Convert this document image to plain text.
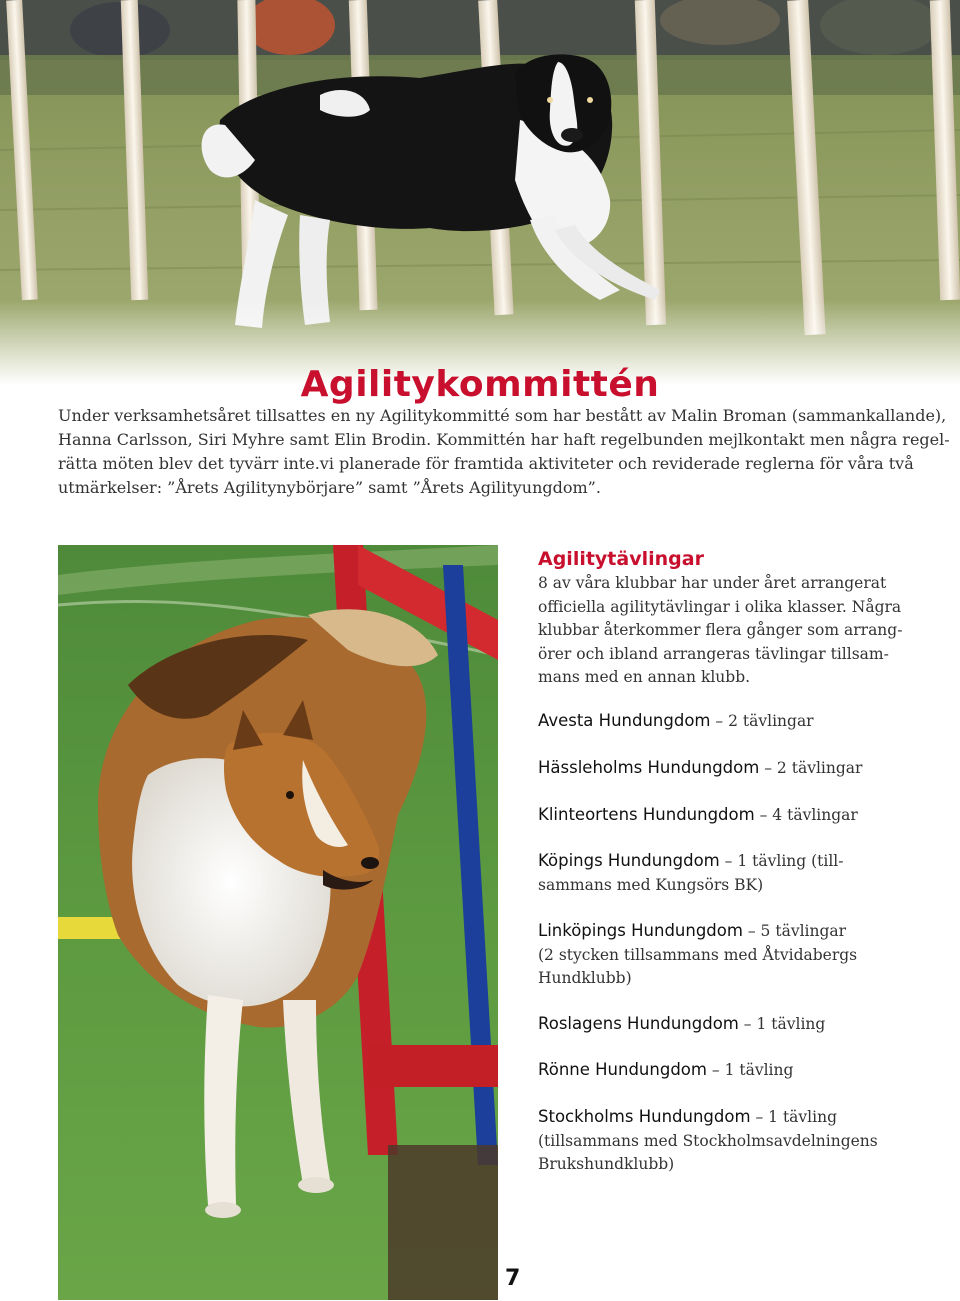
Agilitykommittén

Under verksamhetsåret tillsattes en ny Agilitykommitté som har bestått av Malin Broman (sammankallande),

Hanna Carlsson, Siri Myhre samt Elin Brodin. Kommittén har haft regelbunden mejlkontakt men några regel-

rätta möten blev det tyvärr inte.vi planerade för framtida aktiviteter och reviderade reglerna för våra två

utmärkelser: ”Årets Agilitynybörjare” samt ”Årets Agilityungdom”.

Agilitytävlingar

8 av våra klubbar har under året arrangerat

officiella agilitytävlingar i olika klasser. Några

klubbar återkommer flera gånger som arrang-

örer och ibland arrangeras tävlingar tillsam-

mans med en annan klubb.

Avesta Hundungdom – 2 tävlingar
Hässleholms Hundungdom – 2 tävlingar
Klinteortens Hundungdom – 4 tävlingar
Köpings Hundungdom – 1 tävling (till-
sammans med Kungsörs BK)
Linköpings Hundungdom – 5 tävlingar
(2 stycken tillsammans med Åtvidabergs
Hundklubb)
Roslagens Hundungdom – 1 tävling
Rönne Hundungdom – 1 tävling
Stockholms Hundungdom – 1 tävling
(tillsammans med Stockholmsavdelningens
Brukshundklubb)
7
